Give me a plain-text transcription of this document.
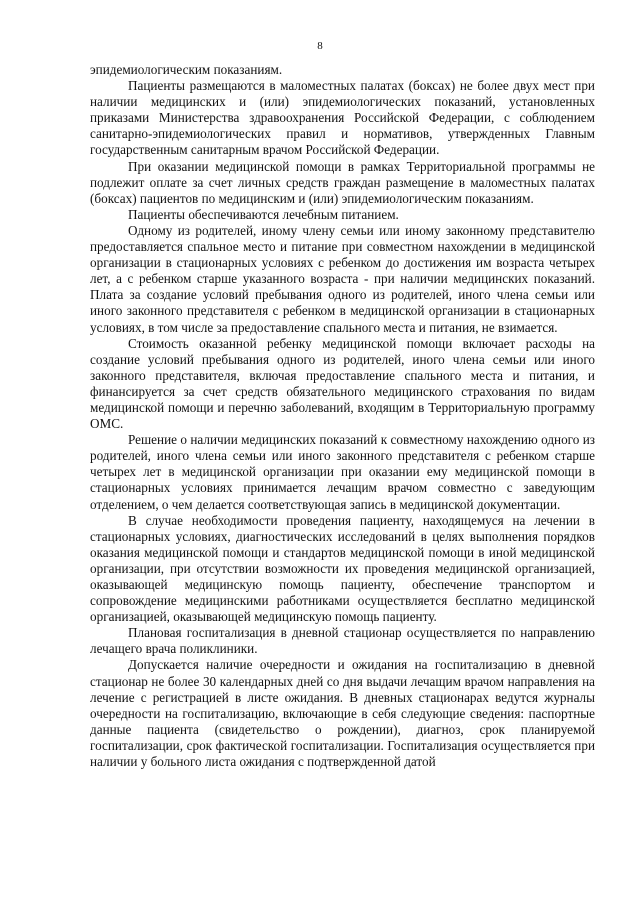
8

эпидемиологическим показаниям.

Пациенты размещаются в маломестных палатах (боксах) не более двух мест при наличии медицинских и (или) эпидемиологических показаний, установленных приказами Министерства здравоохранения Российской Федерации, с соблюдением санитарно-эпидемиологических правил и нормативов, утвержденных Главным государственным санитарным врачом Российской Федерации.

При оказании медицинской помощи в рамках Территориальной программы не подлежит оплате за счет личных средств граждан размещение в маломестных палатах (боксах) пациентов по медицинским и (или) эпидемиологическим показаниям.

Пациенты обеспечиваются лечебным питанием.

Одному из родителей, иному члену семьи или иному законному представителю предоставляется спальное место и питание при совместном нахождении в медицинской организации в стационарных условиях с ребенком до достижения им возраста четырех лет, а с ребенком старше указанного возраста - при наличии медицинских показаний. Плата за создание условий пребывания одного из родителей, иного члена семьи или иного законного представителя с ребенком в медицинской организации в стационарных условиях, в том числе за предоставление спального места и питания, не взимается.

Стоимость оказанной ребенку медицинской помощи включает расходы на создание условий пребывания одного из родителей, иного члена семьи или иного законного представителя, включая предоставление спального места и питания, и финансируется за счет средств обязательного медицинского страхования по видам медицинской помощи и перечню заболеваний, входящим в Территориальную программу ОМС.

Решение о наличии медицинских показаний к совместному нахождению одного из родителей, иного члена семьи или иного законного представителя с ребенком старше четырех лет в медицинской организации при оказании ему медицинской помощи в стационарных условиях принимается лечащим врачом совместно с заведующим отделением, о чем делается соответствующая запись в медицинской документации.

В случае необходимости проведения пациенту, находящемуся на лечении в стационарных условиях, диагностических исследований в целях выполнения порядков оказания медицинской помощи и стандартов медицинской помощи в иной медицинской организации, при отсутствии возможности их проведения медицинской организацией, оказывающей медицинскую помощь пациенту, обеспечение транспортом и сопровождение медицинскими работниками осуществляется бесплатно медицинской организацией, оказывающей медицинскую помощь пациенту.

Плановая госпитализация в дневной стационар осуществляется по направлению лечащего врача поликлиники.

Допускается наличие очередности и ожидания на госпитализацию в дневной стационар не более 30 календарных дней со дня выдачи лечащим врачом направления на лечение с регистрацией в листе ожидания. В дневных стационарах ведутся журналы очередности на госпитализацию, включающие в себя следующие сведения: паспортные данные пациента (свидетельство о рождении), диагноз, срок планируемой госпитализации, срок фактической госпитализации. Госпитализация осуществляется при наличии у больного листа ожидания с подтвержденной датой
